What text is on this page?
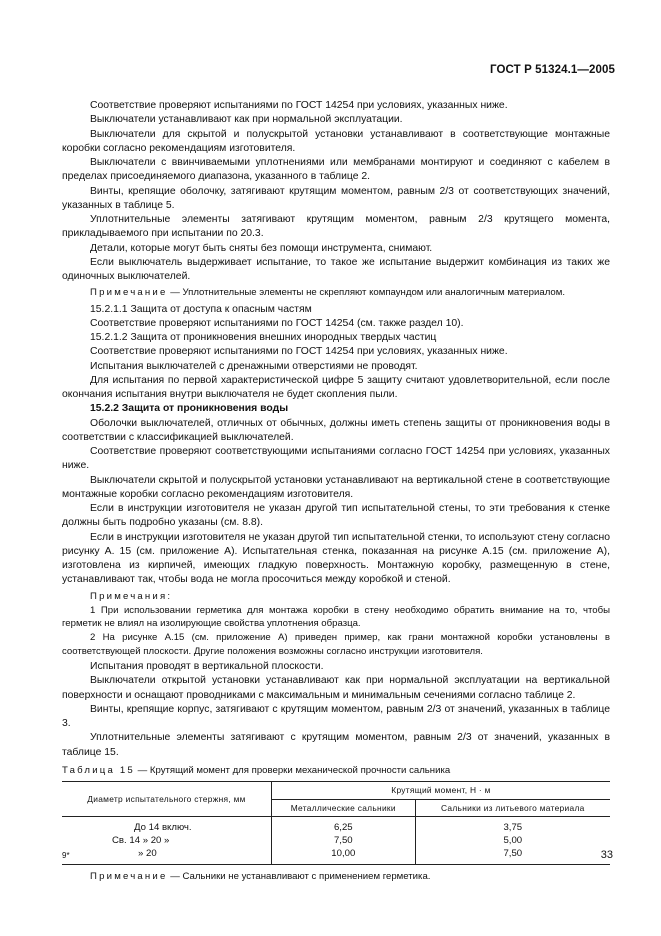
ГОСТ Р 51324.1—2005

Соответствие проверяют испытаниями по ГОСТ 14254 при условиях, указанных ниже.

Выключатели устанавливают как при нормальной эксплуатации.

Выключатели для скрытой и полускрытой установки устанавливают в соответствующие монтажные коробки согласно рекомендациям изготовителя.

Выключатели с ввинчиваемыми уплотнениями или мембранами монтируют и соединяют с кабелем в пределах присоединяемого диапазона, указанного в таблице 2.

Винты, крепящие оболочку, затягивают крутящим моментом, равным 2/3 от соответствующих значений, указанных в таблице 5.

Уплотнительные элементы затягивают крутящим моментом, равным 2/3 крутящего момента, прикладываемого при испытании по 20.3.

Детали, которые могут быть сняты без помощи инструмента, снимают.

Если выключатель выдерживает испытание, то такое же испытание выдержит комбинация из таких же одиночных выключателей.

Примечание — Уплотнительные элементы не скрепляют компаундом или аналогичным материалом.

15.2.1.1 Защита от доступа к опасным частям

Соответствие проверяют испытаниями по ГОСТ 14254 (см. также раздел 10).

15.2.1.2 Защита от проникновения внешних инородных твердых частиц

Соответствие проверяют испытаниями по ГОСТ 14254 при условиях, указанных ниже.

Испытания выключателей с дренажными отверстиями не проводят.

Для испытания по первой характеристической цифре 5 защиту считают удовлетворительной, если после окончания испытания внутри выключателя не будет скопления пыли.

15.2.2 Защита от проникновения воды

Оболочки выключателей, отличных от обычных, должны иметь степень защиты от проникновения воды в соответствии с классификацией выключателей.

Соответствие проверяют соответствующими испытаниями согласно ГОСТ 14254 при условиях, указанных ниже.

Выключатели скрытой и полускрытой установки устанавливают на вертикальной стене в соответствующие монтажные коробки согласно рекомендациям изготовителя.

Если в инструкции изготовителя не указан другой тип испытательной стены, то эти требования к стенке должны быть подробно указаны (см. 8.8).

Если в инструкции изготовителя не указан другой тип испытательной стенки, то используют стену согласно рисунку А. 15 (см. приложение А). Испытательная стенка, показанная на рисунке А.15 (см. приложение А), изготовлена из кирпичей, имеющих гладкую поверхность. Монтажную коробку, размещенную в стене, устанавливают так, чтобы вода не могла просочиться между коробкой и стеной.

Примечания:

1 При использовании герметика для монтажа коробки в стену необходимо обратить внимание на то, чтобы герметик не влиял на изолирующие свойства уплотнения образца.

2 На рисунке А.15 (см. приложение А) приведен пример, как грани монтажной коробки установлены в соответствующей плоскости. Другие положения возможны согласно инструкции изготовителя.

Испытания проводят в вертикальной плоскости.

Выключатели открытой установки устанавливают как при нормальной эксплуатации на вертикальной поверхности и оснащают проводниками с максимальным и минимальным сечениями согласно таблице 2.

Винты, крепящие корпус, затягивают с крутящим моментом, равным 2/3 от значений, указанных в таблице 3.

Уплотнительные элементы затягивают с крутящим моментом, равным 2/3 от значений, указанных в таблице 15.

Таблица 15 — Крутящий момент для проверки механической прочности сальника

Диаметр испытательного стержня, мм	Крутящий момент, Н · м	
	Металлические сальники	Сальники из литьевого материала
До 14 включ.	6,25	3,75
Св. 14 » 20 »	7,50	5,00
» 20	10,00	7,50

Примечание — Сальники не устанавливают с применением герметика.

9*	33
